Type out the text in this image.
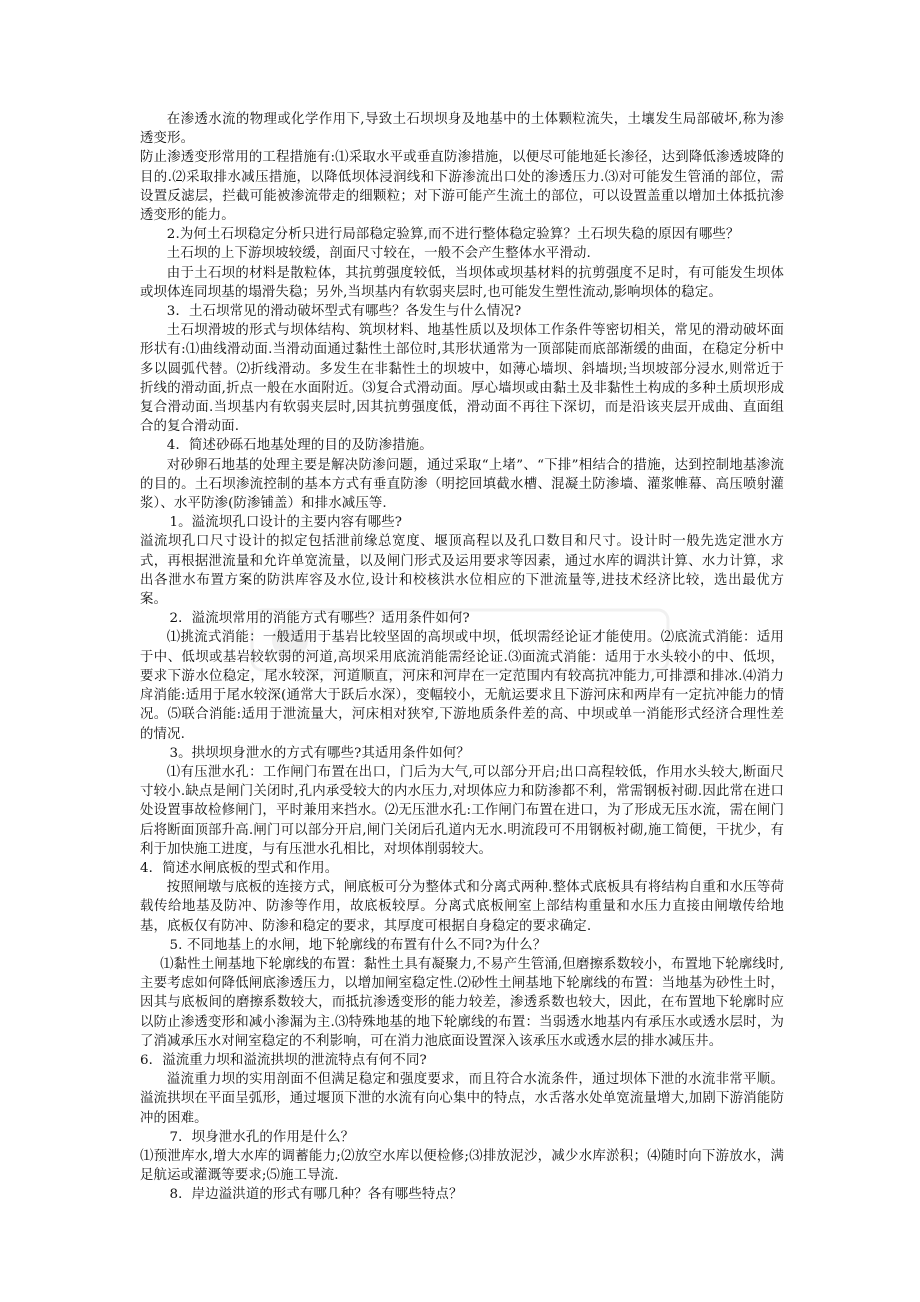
在渗透水流的物理或化学作用下,导致土石坝坝身及地基中的土体颗粒流失，土壤发生局部破坏,称为渗透变形。

防止渗透变形常用的工程措施有:⑴采取水平或垂直防渗措施，以便尽可能地延长渗径，达到降低渗透坡降的目的.⑵采取排水减压措施，以降低坝体浸润线和下游渗流出口处的渗透压力.⑶对可能发生管涌的部位，需设置反滤层，拦截可能被渗流带走的细颗粒；对下游可能产生流土的部位，可以设置盖重以增加土体抵抗渗透变形的能力。

2.为何土石坝稳定分析只进行局部稳定验算,而不进行整体稳定验算？土石坝失稳的原因有哪些？

土石坝的上下游坝坡较缓，剖面尺寸较在，一般不会产生整体水平滑动.

由于土石坝的材料是散粒体，其抗剪强度较低，当坝体或坝基材料的抗剪强度不足时，有可能发生坝体或坝体连同坝基的塌滑失稳；另外,当坝基内有软弱夹层时,也可能发生塑性流动,影响坝体的稳定。

3．土石坝常见的滑动破坏型式有哪些？各发生与什么情况?

土石坝滑坡的形式与坝体结构、筑坝材料、地基性质以及坝体工作条件等密切相关，常见的滑动破坏面形状有:⑴曲线滑动面.当滑动面通过黏性土部位时,其形状通常为一顶部陡而底部渐缓的曲面，在稳定分析中多以圆弧代替。⑵折线滑动。多发生在非黏性土的坝坡中，如薄心墙坝、斜墙坝;当坝坡部分浸水,则常近于折线的滑动面,折点一般在水面附近。⑶复合式滑动面。厚心墙坝或由黏土及非黏性土构成的多种土质坝形成复合滑动面.当坝基内有软弱夹层时,因其抗剪强度低，滑动面不再往下深切，而是沿该夹层开成曲、直面组合的复合滑动面.

4．简述砂砾石地基处理的目的及防渗措施。

对砂卵石地基的处理主要是解决防渗问题，通过采取“上堵”、“下排”相结合的措施，达到控制地基渗流的目的。土石坝渗流控制的基本方式有垂直防渗（明挖回填截水槽、混凝土防渗墙、灌浆帷幕、高压喷射灌浆）、水平防渗(防渗铺盖）和排水减压等.

1。溢流坝孔口设计的主要内容有哪些?

溢流坝孔口尺寸设计的拟定包括泄前缘总宽度、堰顶高程以及孔口数目和尺寸。设计时一般先选定泄水方式，再根据泄流量和允许单宽流量，以及闸门形式及运用要求等因素，通过水库的调洪计算、水力计算，求出各泄水布置方案的防洪库容及水位,设计和校核洪水位相应的下泄流量等,进技术经济比较，选出最优方案。

2．溢流坝常用的消能方式有哪些？适用条件如何?

⑴挑流式消能：一般适用于基岩比较坚固的高坝或中坝，低坝需经论证才能使用。⑵底流式消能：适用于中、低坝或基岩较软弱的河道,高坝采用底流消能需经论证.⑶面流式消能：适用于水头较小的中、低坝，要求下游水位稳定，尾水较深，河道顺直，河床和河岸在一定范围内有较高抗冲能力,可排漂和排冰.⑷消力戽消能:适用于尾水较深(通常大于跃后水深），变幅较小，无航运要求且下游河床和两岸有一定抗冲能力的情况。⑸联合消能:适用于泄流量大，河床相对狭窄,下游地质条件差的高、中坝或单一消能形式经济合理性差的情况.

3。拱坝坝身泄水的方式有哪些?其适用条件如何？

⑴有压泄水孔：工作闸门布置在出口，门后为大气,可以部分开启;出口高程较低，作用水头较大,断面尺寸较小.缺点是闸门关闭时,孔内承受较大的内水压力,对坝体应力和防渗都不利，常需钢板衬砌.因此常在进口处设置事故检修闸门，平时兼用来挡水。⑵无压泄水孔:工作闸门布置在进口，为了形成无压水流，需在闸门后将断面顶部升高.闸门可以部分开启,闸门关闭后孔道内无水.明流段可不用钢板衬砌,施工简便，干扰少，有利于加快施工进度，与有压泄水孔相比，对坝体削弱较大。

4．简述水闸底板的型式和作用。

按照闸墩与底板的连接方式，闸底板可分为整体式和分离式两种.整体式底板具有将结构自重和水压等荷载传给地基及防冲、防渗等作用，故底板较厚。分离式底板闸室上部结构重量和水压力直接由闸墩传给地基，底板仅有防冲、防渗和稳定的要求，其厚度可根据自身稳定的要求确定.

5. 不同地基上的水闸，地下轮廓线的布置有什么不同?为什么？

⑴黏性土闸基地下轮廓线的布置：黏性土具有凝聚力,不易产生管涌,但磨擦系数较小，布置地下轮廓线时,主要考虑如何降低闸底渗透压力，以增加闸室稳定性.⑵砂性土闸基地下轮廓线的布置：当地基为砂性土时，因其与底板间的磨擦系数较大，而抵抗渗透变形的能力较差，渗透系数也较大，因此，在布置地下轮廓时应以防止渗透变形和减小渗漏为主.⑶特殊地基的地下轮廓线的布置：当弱透水地基内有承压水或透水层时，为了消减承压水对闸室稳定的不利影响，可在消力池底面设置深入该承压水或透水层的排水减压井。

6．溢流重力坝和溢流拱坝的泄流特点有何不同?

溢流重力坝的实用剖面不但满足稳定和强度要求，而且符合水流条件，通过坝体下泄的水流非常平顺。溢流拱坝在平面呈弧形，通过堰顶下泄的水流有向心集中的特点，水舌落水处单宽流量增大,加剧下游消能防冲的困难。

7．坝身泄水孔的作用是什么？

⑴预泄库水,增大水库的调蓄能力;⑵放空水库以便检修;⑶排放泥沙，减少水库淤积；⑷随时向下游放水，满足航运或灌溉等要求;⑸施工导流.

8．岸边溢洪道的形式有哪几种？各有哪些特点？
